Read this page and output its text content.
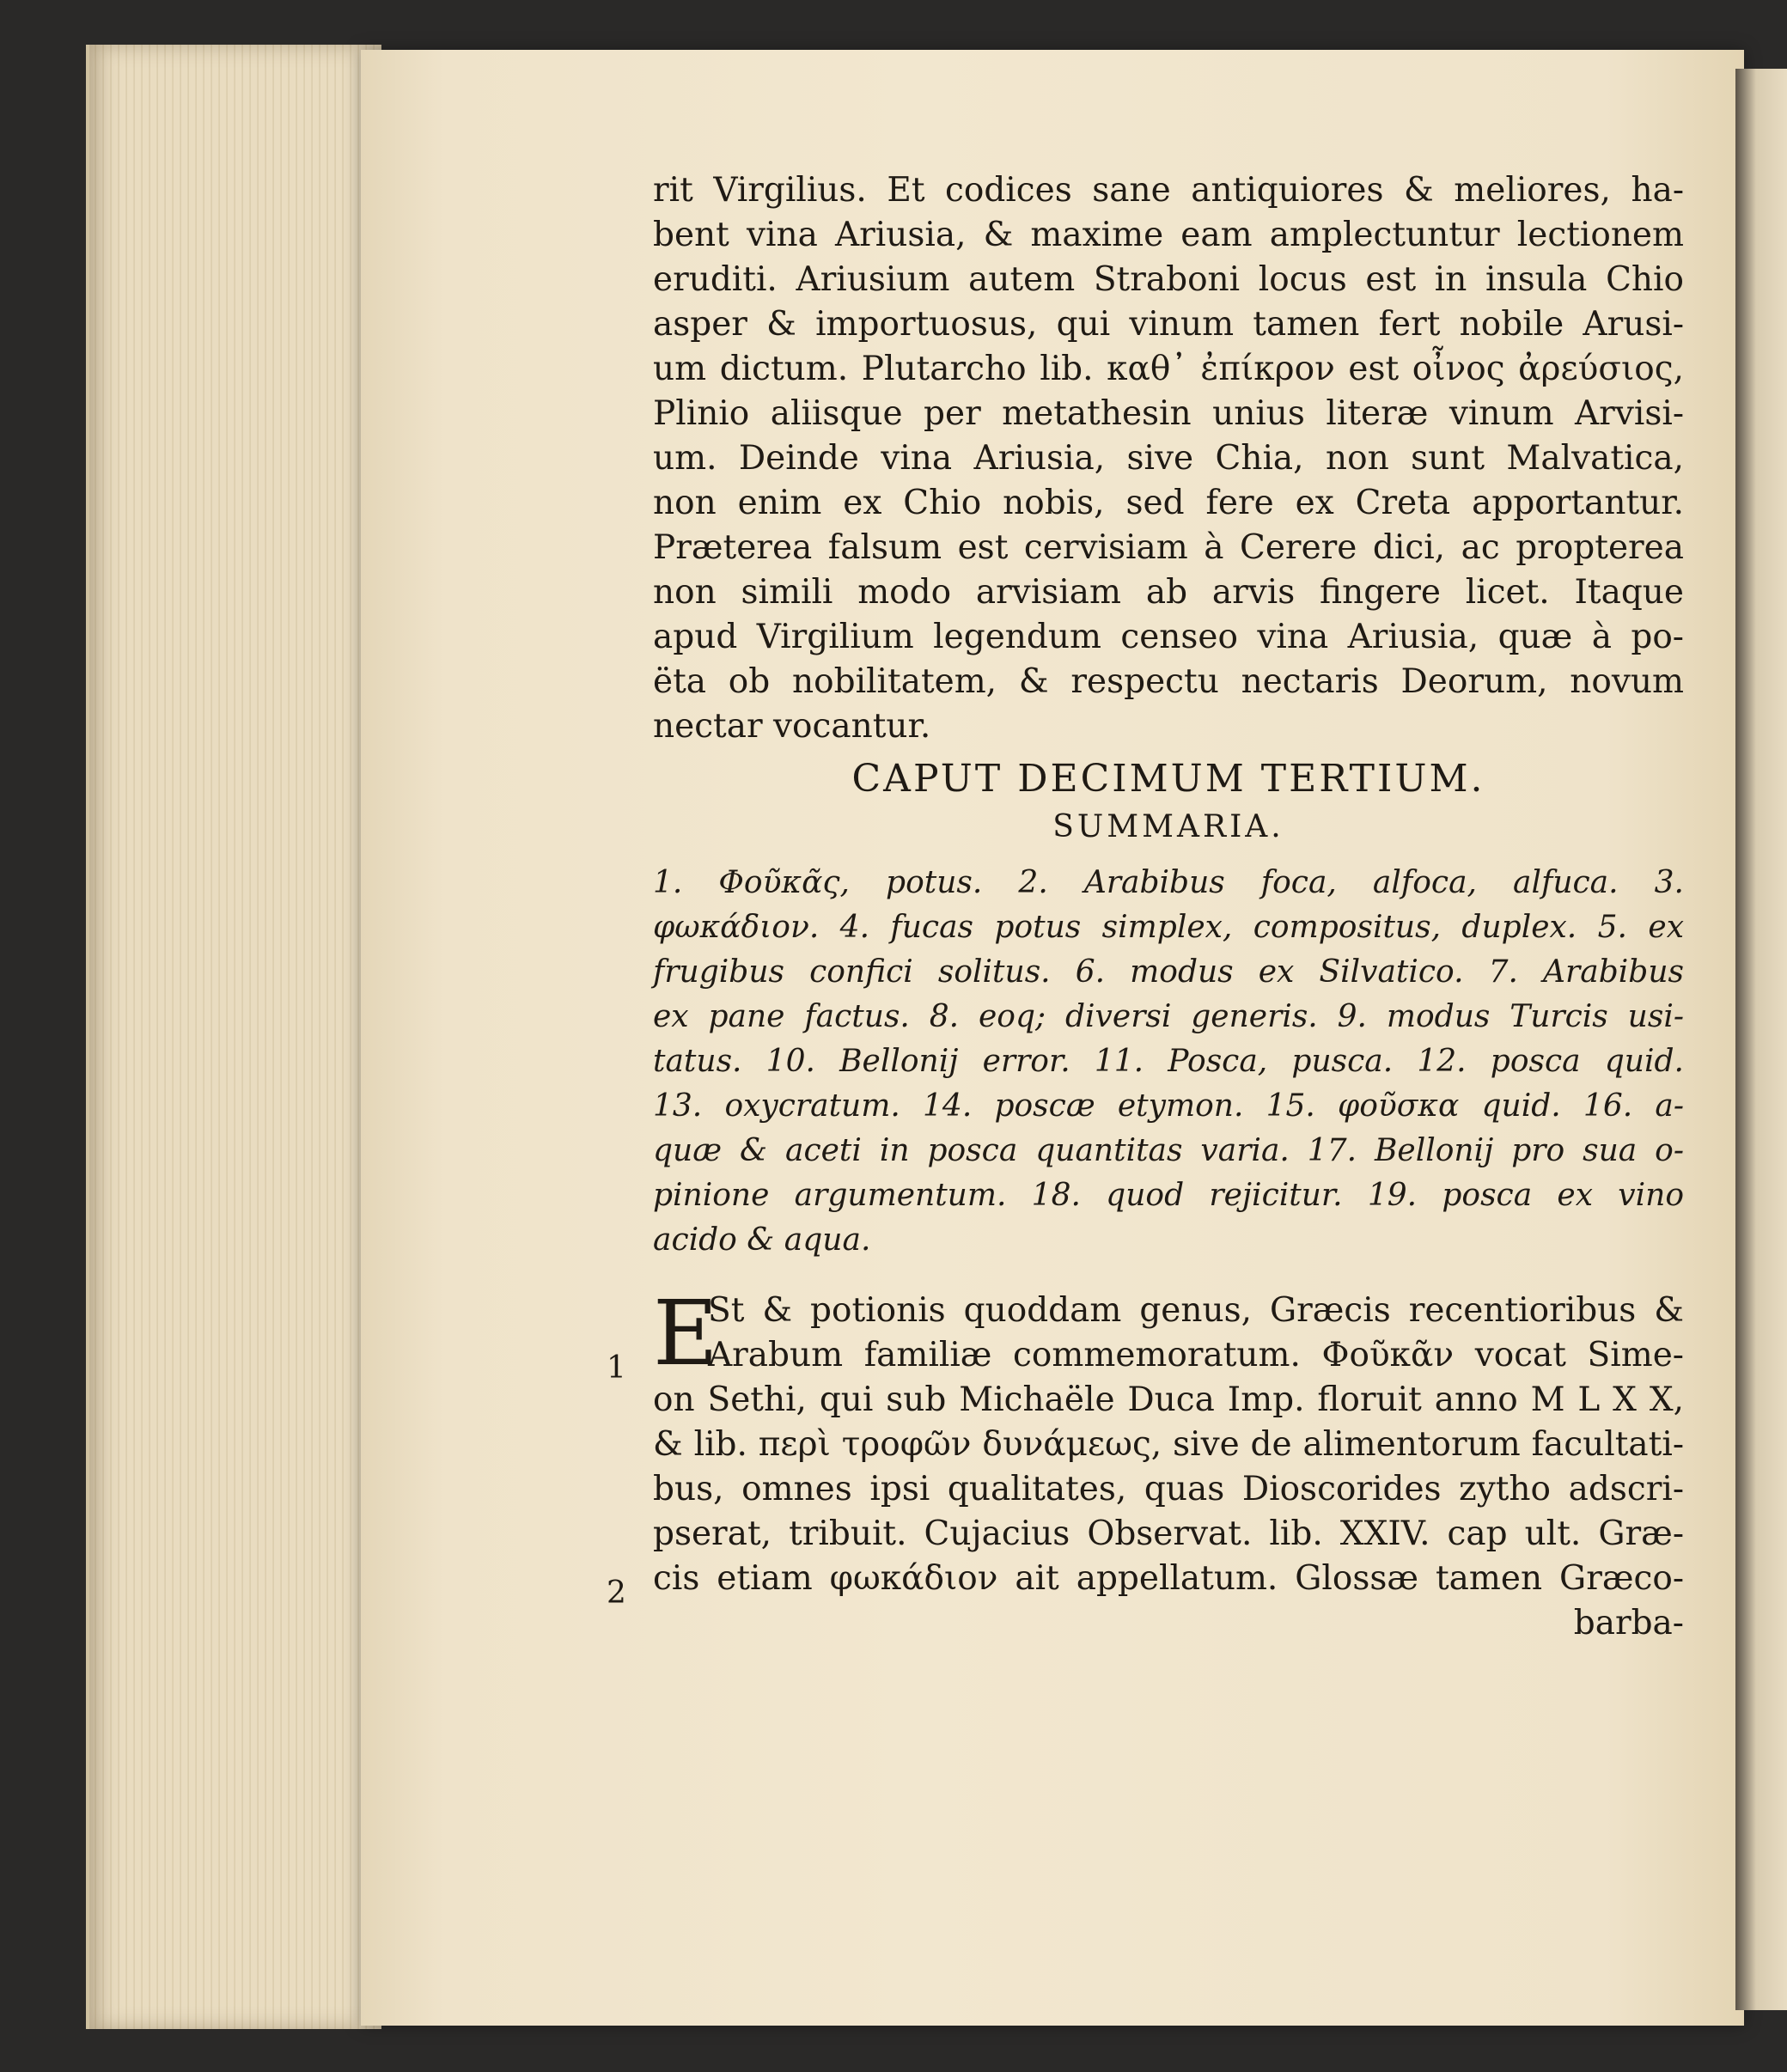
1
2
rit Virgilius. Et codices sane antiquiores & meliores, ha-
bent vina Ariusia, & maxime eam amplectuntur lectionem
eruditi. Ariusium autem Straboni locus est in insula Chio
asper & importuosus, qui vinum tamen fert nobile Arusi-
um dictum. Plutarcho lib. καθ᾽ ἐπίκρον est οἶνος ἀρεύσιος,
Plinio aliisque per metathesin unius literæ vinum Arvisi-
um. Deinde vina Ariusia, sive Chia, non sunt Malvatica,
non enim ex Chio nobis, sed fere ex Creta apportantur.
Præterea falsum est cervisiam à Cerere dici, ac propterea
non simili modo arvisiam ab arvis fingere licet. Itaque
apud Virgilium legendum censeo vina Ariusia, quæ à po-
ëta ob nobilitatem, & respectu nectaris Deorum, novum
nectar vocantur.
CAPUT DECIMUM TERTIUM.
SUMMARIA.
1. Φοῦκᾶς, potus. 2. Arabibus foca, alfoca, alfuca. 3.
φωκάδιον. 4. fucas potus simplex, compositus, duplex. 5. ex
frugibus confici solitus. 6. modus ex Silvatico. 7. Arabibus
ex pane factus. 8. eoq; diversi generis. 9. modus Turcis usi-
tatus. 10. Bellonij error. 11. Posca, pusca. 12. posca quid.
13. oxycratum. 14. poscæ etymon. 15. φοῦσκα quid. 16. a-
quæ & aceti in posca quantitas varia. 17. Bellonij pro sua o-
pinione argumentum. 18. quod rejicitur. 19. posca ex vino
acido & aqua.
E
St & potionis quoddam genus, Græcis recentioribus &
Arabum familiæ commemoratum. Φοῦκᾶν vocat Sime-
on Sethi, qui sub Michaële Duca Imp. floruit anno M L X X,
& lib. περὶ τροφῶν δυνάμεως, sive de alimentorum facultati-
bus, omnes ipsi qualitates, quas Dioscorides zytho adscri-
pserat, tribuit. Cujacius Observat. lib. XXIV. cap ult. Græ-
cis etiam φωκάδιον ait appellatum. Glossæ tamen Græco-
barba-
